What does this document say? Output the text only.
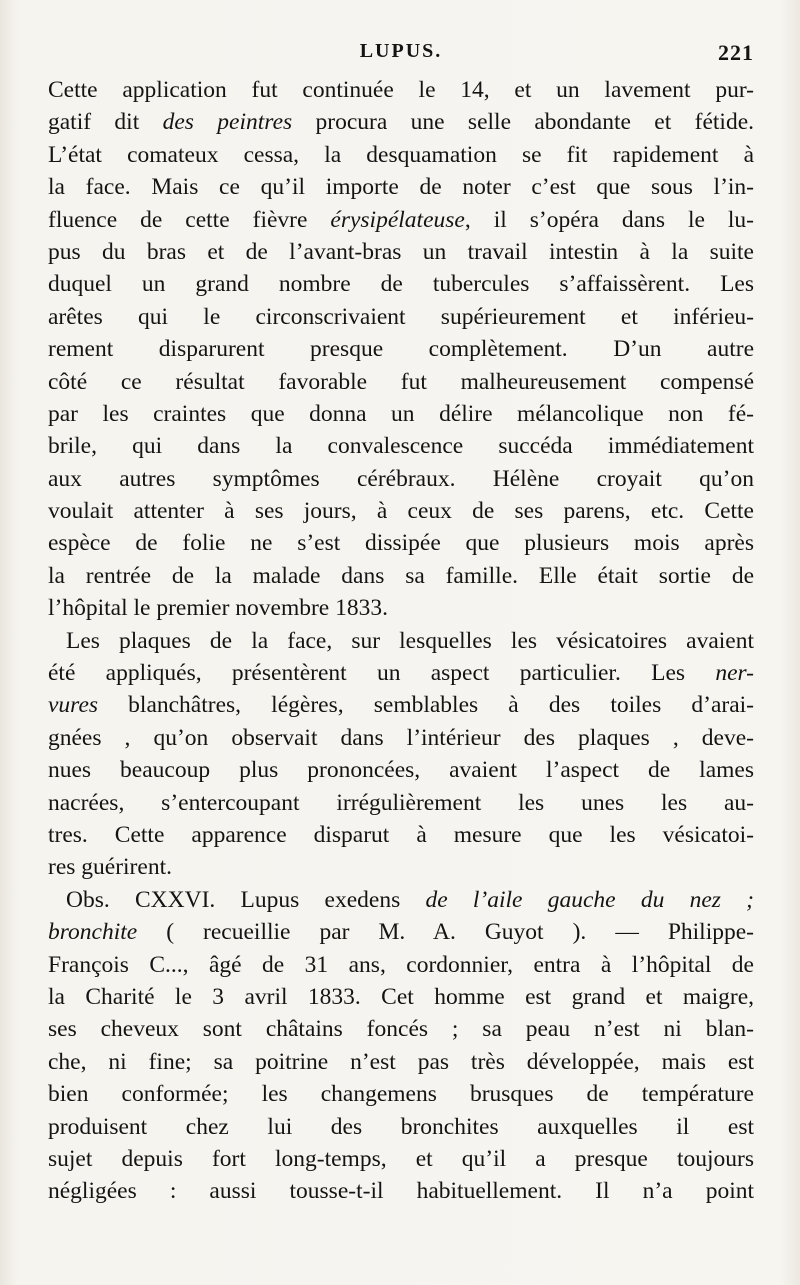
LUPUS.	221
Cette application fut continuée le 14, et un lavement pur-
gatif dit des peintres procura une selle abondante et fétide.
L’état comateux cessa, la desquamation se fit rapidement à
la face. Mais ce qu’il importe de noter c’est que sous l’in-
fluence de cette fièvre érysipélateuse, il s’opéra dans le lu-
pus du bras et de l’avant-bras un travail intestin à la suite
duquel un grand nombre de tubercules s’affaissèrent. Les
arêtes qui le circonscrivaient supérieurement et inférieu-
rement disparurent presque complètement. D’un autre
côté ce résultat favorable fut malheureusement compensé
par les craintes que donna un délire mélancolique non fé-
brile, qui dans la convalescence succéda immédiatement
aux autres symptômes cérébraux. Hélène croyait qu’on
voulait attenter à ses jours, à ceux de ses parens, etc. Cette
espèce de folie ne s’est dissipée que plusieurs mois après
la rentrée de la malade dans sa famille. Elle était sortie de
l’hôpital le premier novembre 1833.
Les plaques de la face, sur lesquelles les vésicatoires avaient
été appliqués, présentèrent un aspect particulier. Les ner-
vures blanchâtres, légères, semblables à des toiles d’arai-
gnées , qu’on observait dans l’intérieur des plaques , deve-
nues beaucoup plus prononcées, avaient l’aspect de lames
nacrées, s’entercoupant irrégulièrement les unes les au-
tres. Cette apparence disparut à mesure que les vésicatoi-
res guérirent.
Obs. CXXVI. Lupus exedens de l’aile gauche du nez ;
bronchite ( recueillie par M. A. Guyot ). — Philippe-
François C..., âgé de 31 ans, cordonnier, entra à l’hôpital de
la Charité le 3 avril 1833. Cet homme est grand et maigre,
ses cheveux sont châtains foncés ; sa peau n’est ni blan-
che, ni fine; sa poitrine n’est pas très développée, mais est
bien conformée; les changemens brusques de température
produisent chez lui des bronchites auxquelles il est
sujet depuis fort long-temps, et qu’il a presque toujours
négligées : aussi tousse-t-il habituellement. Il n’a point
